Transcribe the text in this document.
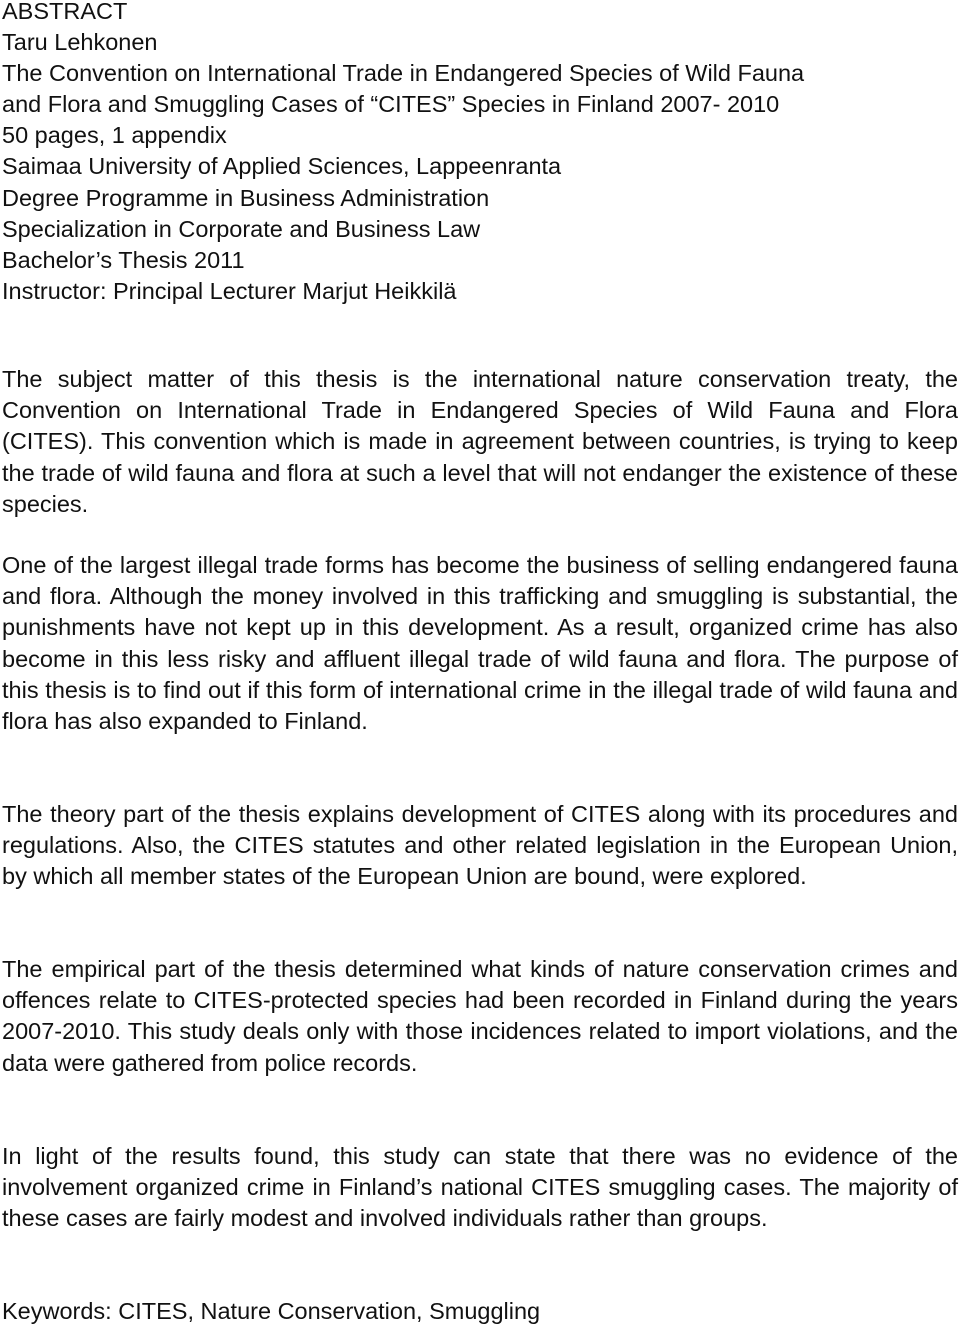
ABSTRACT
Taru Lehkonen
The Convention on International Trade in Endangered Species of Wild Fauna
and Flora and Smuggling Cases of “CITES” Species in Finland 2007- 2010
50 pages, 1 appendix
Saimaa University of Applied Sciences, Lappeenranta
Degree Programme in Business Administration
Specialization in Corporate and Business Law
Bachelor’s Thesis 2011
Instructor: Principal Lecturer Marjut Heikkilä

The subject matter of this thesis is the international nature conservation treaty, the Convention on International Trade in Endangered Species of Wild Fauna and Flora (CITES). This convention which is made in agreement between countries, is trying to keep the trade of wild fauna and flora at such a level that will not endanger the existence of these species.

One of the largest illegal trade forms has become the business of selling endangered fauna and flora. Although the money involved in this trafficking and smuggling is substantial, the punishments have not kept up in this development. As a result, organized crime has also become in this less risky and affluent illegal trade of wild fauna and flora. The purpose of this thesis is to find out if this form of international crime in the illegal trade of wild fauna and flora has also expanded to Finland.

The theory part of the thesis explains development of CITES along with its procedures and regulations. Also, the CITES statutes and other related legislation in the European Union, by which all member states of the European Union are bound, were explored.

The empirical part of the thesis determined what kinds of nature conservation crimes and offences relate to CITES-protected species had been recorded in Finland during the years 2007-2010. This study deals only with those incidences related to import violations, and the data were gathered from police records.

In light of the results found, this study can state that there was no evidence of the involvement organized crime in Finland’s national CITES smuggling cases. The majority of these cases are fairly modest and involved individuals rather than groups.

Keywords: CITES, Nature Conservation, Smuggling
